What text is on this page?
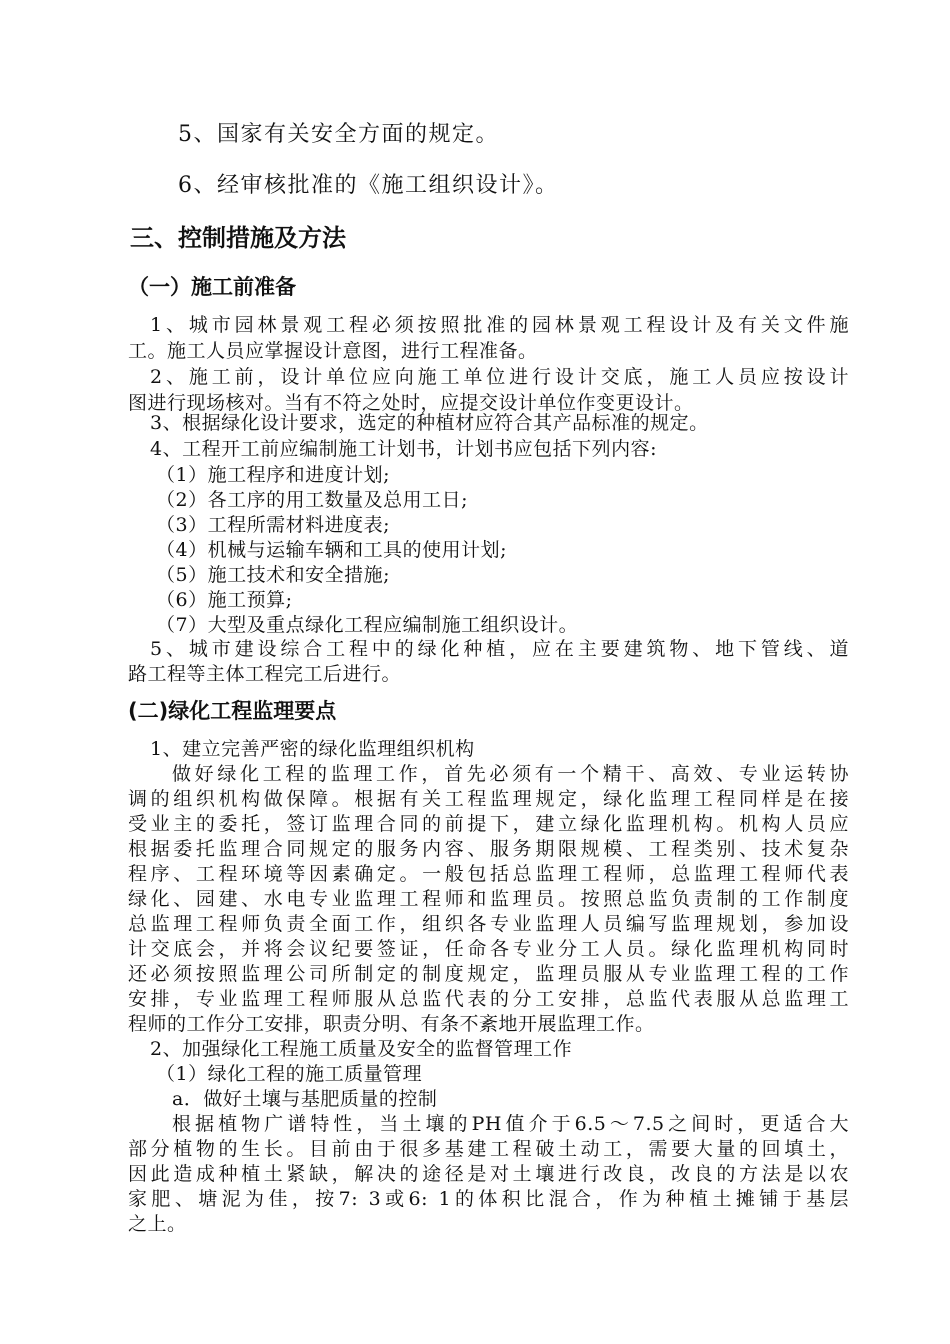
5、国家有关安全方面的规定。
6、经审核批准的《施工组织设计》。
三、控制措施及方法
（一）施工前准备
1、城市园林景观工程必须按照批准的园林景观工程设计及有关文件施
工。施工人员应掌握设计意图，进行工程准备。
2、施工前，设计单位应向施工单位进行设计交底，施工人员应按设计
图进行现场核对。当有不符之处时，应提交设计单位作变更设计。
3、根据绿化设计要求，选定的种植材应符合其产品标准的规定。
4、工程开工前应编制施工计划书，计划书应包括下列内容:
（1）施工程序和进度计划;
（2）各工序的用工数量及总用工日;
（3）工程所需材料进度表;
（4）机械与运输车辆和工具的使用计划;
（5）施工技术和安全措施;
（6）施工预算;
（7）大型及重点绿化工程应编制施工组织设计。
5、城市建设综合工程中的绿化种植，应在主要建筑物、地下管线、道
路工程等主体工程完工后进行。
(二)绿化工程监理要点
1、建立完善严密的绿化监理组织机构
做好绿化工程的监理工作，首先必须有一个精干、高效、专业运转协
调的组织机构做保障。根据有关工程监理规定，绿化监理工程同样是在接
受业主的委托，签订监理合同的前提下，建立绿化监理机构。机构人员应
根据委托监理合同规定的服务内容、服务期限规模、工程类别、技术复杂
程序、工程环境等因素确定。一般包括总监理工程师，总监理工程师代表
绿化、园建、水电专业监理工程师和监理员。按照总监负责制的工作制度
总监理工程师负责全面工作，组织各专业监理人员编写监理规划，参加设
计交底会，并将会议纪要签证，任命各专业分工人员。绿化监理机构同时
还必须按照监理公司所制定的制度规定，监理员服从专业监理工程的工作
安排，专业监理工程师服从总监代表的分工安排，总监代表服从总监理工
程师的工作分工安排，职责分明、有条不紊地开展监理工作。
2、加强绿化工程施工质量及安全的监督管理工作
（1）绿化工程的施工质量管理
a．做好土壤与基肥质量的控制
根据植物广谱特性，当土壤的PH值介于6.5～7.5之间时，更适合大
部分植物的生长。目前由于很多基建工程破土动工，需要大量的回填土，
因此造成种植土紧缺，解决的途径是对土壤进行改良，改良的方法是以农
家肥、塘泥为佳，按7: 3或6: 1的体积比混合，作为种植土摊铺于基层
之上。
